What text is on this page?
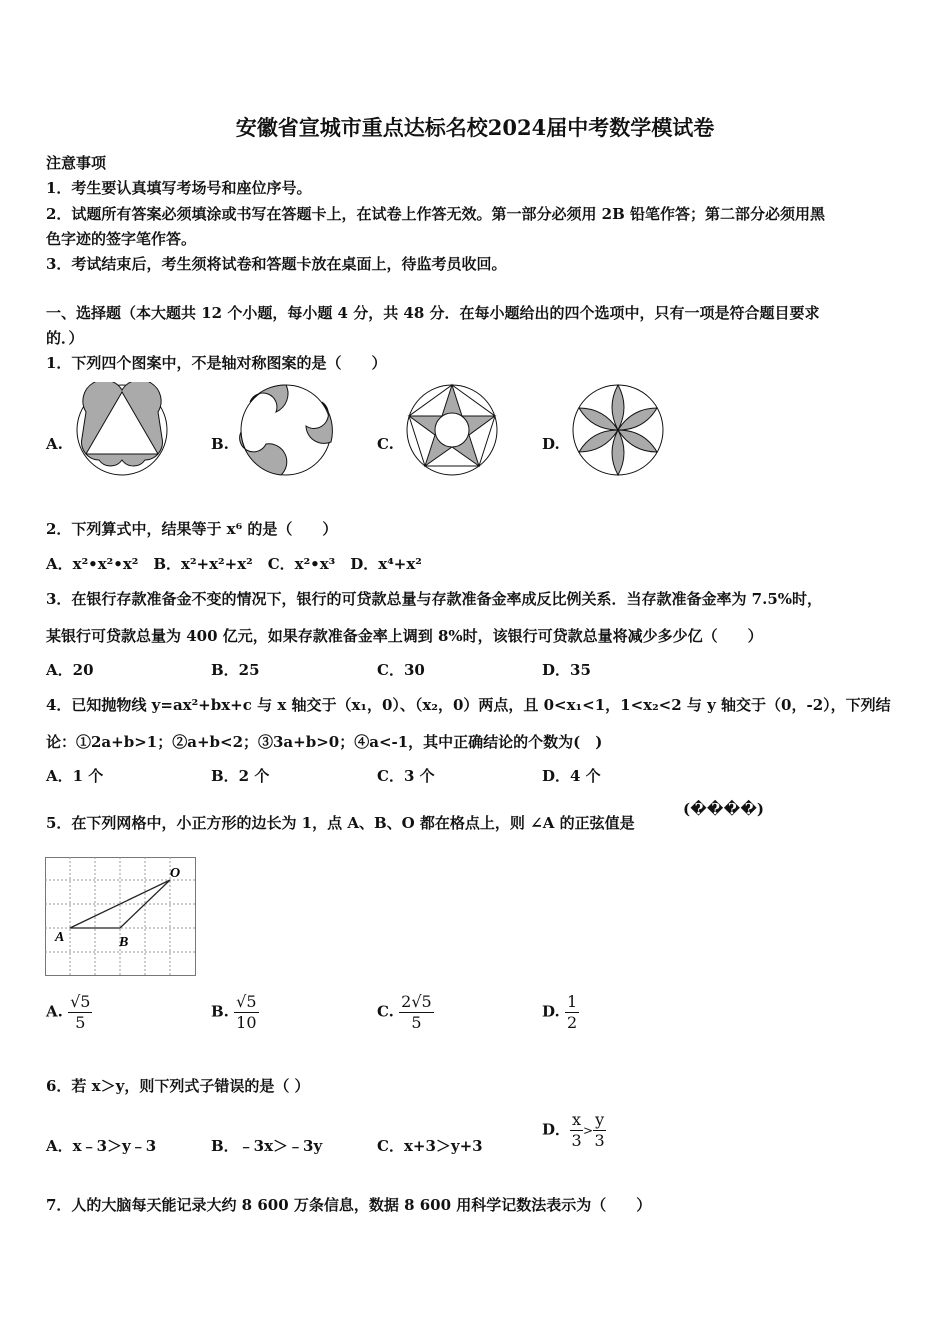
安徽省宣城市重点达标名校2024届中考数学模试卷
注意事项
1．考生要认真填写考场号和座位序号。
2．试题所有答案必须填涂或书写在答题卡上，在试卷上作答无效。第一部分必须用 2B 铅笔作答；第二部分必须用黑
色字迹的签字笔作答。
3．考试结束后，考生须将试卷和答题卡放在桌面上，待监考员收回。
一、选择题（本大题共 12 个小题，每小题 4 分，共 48 分．在每小题给出的四个选项中，只有一项是符合题目要求
的．）
1．下列四个图案中，不是轴对称图案的是（　　）
A.	B.	C.	D.
2．下列算式中，结果等于 x⁶ 的是（　　）
A．x²•x²•x²　B．x²+x²+x²　C．x²•x³　D．x⁴+x²
3．在银行存款准备金不变的情况下，银行的可贷款总量与存款准备金率成反比例关系．当存款准备金率为 7.5%时，
某银行可贷款总量为 400 亿元，如果存款准备金率上调到 8%时，该银行可贷款总量将减少多少亿（　　）
A．20	B．25	C．30	D．35
4．已知抛物线 y=ax²+bx+c 与 x 轴交于（x₁，0）、（x₂，0）两点，且 0<x₁<1，1<x₂<2 与 y 轴交于（0，-2），下列结
论：①2a+b>1；②a+b<2；③3a+b>0；④a<-1，其中正确结论的个数为(　)
A．1 个	B．2 个	C．3 个	D．4 个
5．在下列网格中，小正方形的边长为 1，点 A、B、O 都在格点上，则 ∠A 的正弦值是
(����)
A	B
O
A. $\frac{√5}{5}$	B. $\frac{√5}{10}$	C. $\frac{2√5}{5}$	D. $\frac{1}{2}$
6．若 x＞y，则下列式子错误的是（ ）
A．x﹣3＞y﹣3	B．﹣3x＞﹣3y	C．x+3＞y+3
D． $\frac{x}{3} > \frac{y}{3}$
7．人的大脑每天能记录大约 8 600 万条信息，数据 8 600 用科学记数法表示为（　　）
